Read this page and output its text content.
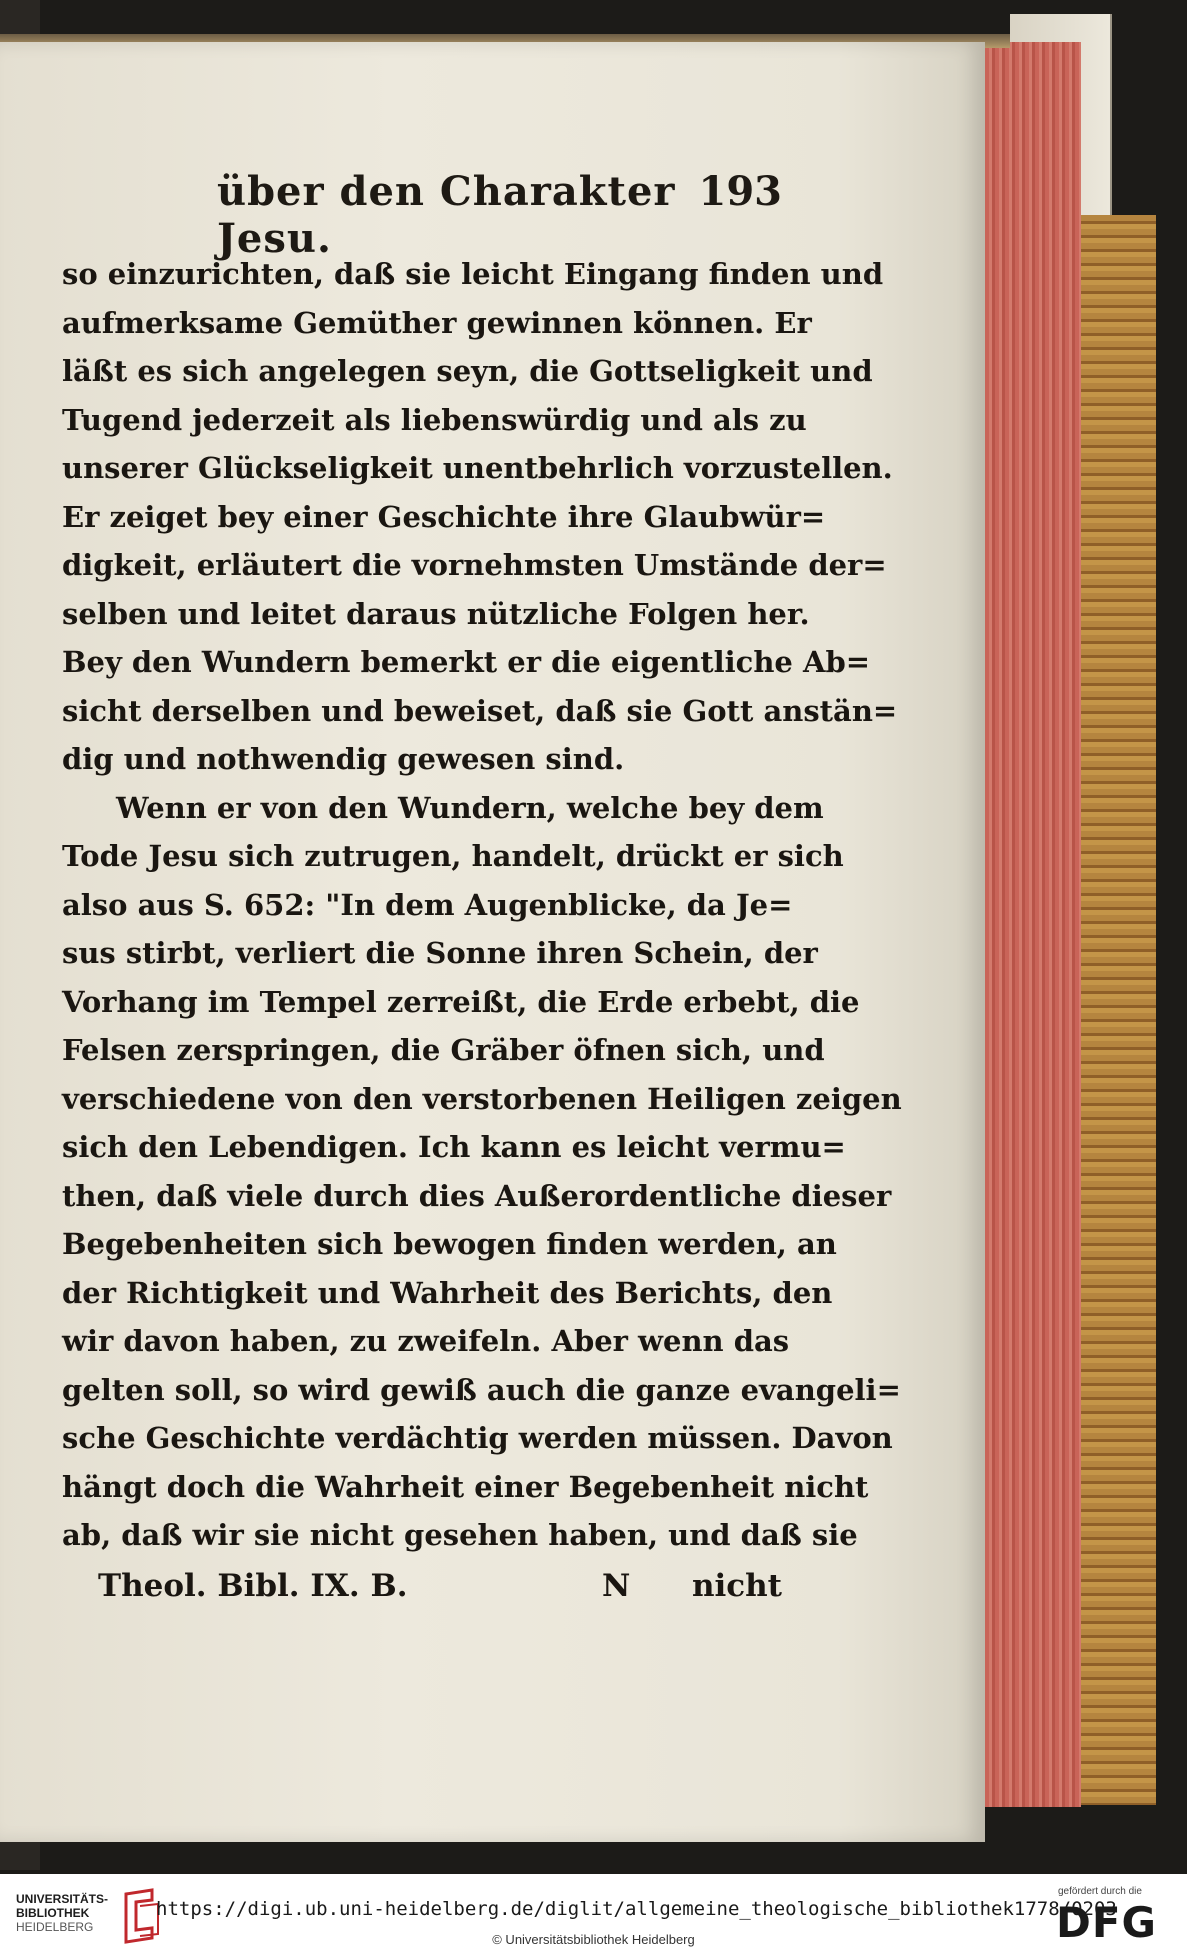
über den Charakter Jesu.
193
so einzurichten, daß sie leicht Eingang finden und
aufmerksame Gemüther gewinnen können. Er
läßt es sich angelegen seyn, die Gottseligkeit und
Tugend jederzeit als liebenswürdig und als zu
unserer Glückseligkeit unentbehrlich vorzustellen.
Er zeiget bey einer Geschichte ihre Glaubwür=
digkeit, erläutert die vornehmsten Umstände der=
selben und leitet daraus nützliche Folgen her.
Bey den Wundern bemerkt er die eigentliche Ab=
sicht derselben und beweiset, daß sie Gott anstän=
dig und nothwendig gewesen sind.
Wenn er von den Wundern, welche bey dem
Tode Jesu sich zutrugen, handelt, drückt er sich
also aus S. 652: "In dem Augenblicke, da Je=
sus stirbt, verliert die Sonne ihren Schein, der
Vorhang im Tempel zerreißt, die Erde erbebt, die
Felsen zerspringen, die Gräber öfnen sich, und
verschiedene von den verstorbenen Heiligen zeigen
sich den Lebendigen. Ich kann es leicht vermu=
then, daß viele durch dies Außerordentliche dieser
Begebenheiten sich bewogen finden werden, an
der Richtigkeit und Wahrheit des Berichts, den
wir davon haben, zu zweifeln. Aber wenn das
gelten soll, so wird gewiß auch die ganze evangeli=
sche Geschichte verdächtig werden müssen. Davon
hängt doch die Wahrheit einer Begebenheit nicht
ab, daß wir sie nicht gesehen haben, und daß sie
Theol. Bibl. IX. B.	N nicht
UNIVERSITÄTS-
BIBLIOTHEK
HEIDELBERG
https://digi.ub.uni-heidelberg.de/diglit/allgemeine_theologische_bibliothek1778/0203
© Universitätsbibliothek Heidelberg
gefördert durch die
DFG
